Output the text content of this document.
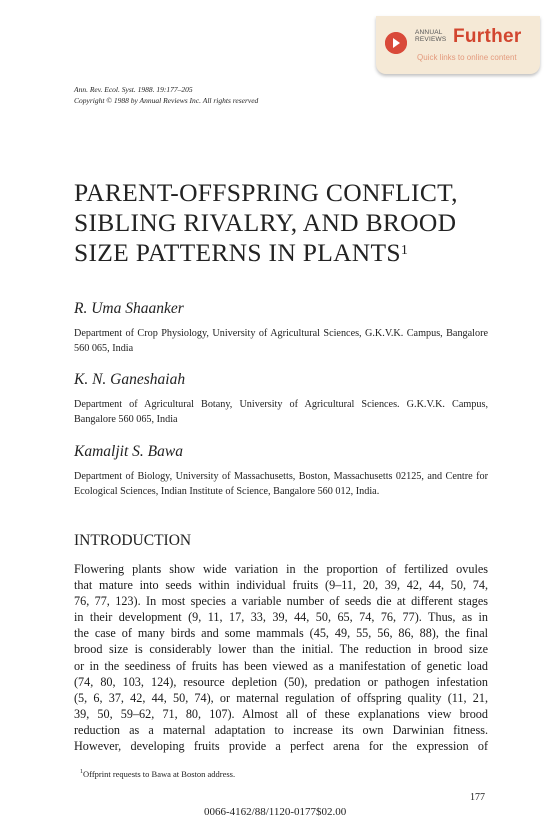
ANNUAL
REVIEWS Further
Quick links to online content
Ann. Rev. Ecol. Syst. 1988. 19:177–205
Copyright © 1988 by Annual Reviews Inc. All rights reserved
PARENT-OFFSPRING CONFLICT,
SIBLING RIVALRY, AND BROOD
SIZE PATTERNS IN PLANTS$^1$
R. Uma Shaanker
Department of Crop Physiology, University of Agricultural Sciences, G.K.V.K. Campus, Bangalore 560 065, India
K. N. Ganeshaiah
Department of Agricultural Botany, University of Agricultural Sciences. G.K.V.K. Campus, Bangalore 560 065, India
Kamaljit S. Bawa
Department of Biology, University of Massachusetts, Boston, Massachusetts 02125, and Centre for Ecological Sciences, Indian Institute of Science, Bangalore 560 012, India.
INTRODUCTION
Flowering plants show wide variation in the proportion of fertilized ovules
that mature into seeds within individual fruits (9–11, 20, 39, 42, 44, 50, 74,
76, 77, 123). In most species a variable number of seeds die at different stages
in their development (9, 11, 17, 33, 39, 44, 50, 65, 74, 76, 77). Thus, as in
the case of many birds and some mammals (45, 49, 55, 56, 86, 88), the final
brood size is considerably lower than the initial. The reduction in brood size
or in the seediness of fruits has been viewed as a manifestation of genetic load
(74, 80, 103, 124), resource depletion (50), predation or pathogen infestation
(5, 6, 37, 42, 44, 50, 74), or maternal regulation of offspring quality (11, 21,
39, 50, 59–62, 71, 80, 107). Almost all of these explanations view brood
reduction as a maternal adaptation to increase its own Darwinian fitness.
However, developing fruits provide a perfect arena for the expression of
$^1$Offprint requests to Bawa at Boston address.
177
0066-4162/88/1120-0177$02.00
